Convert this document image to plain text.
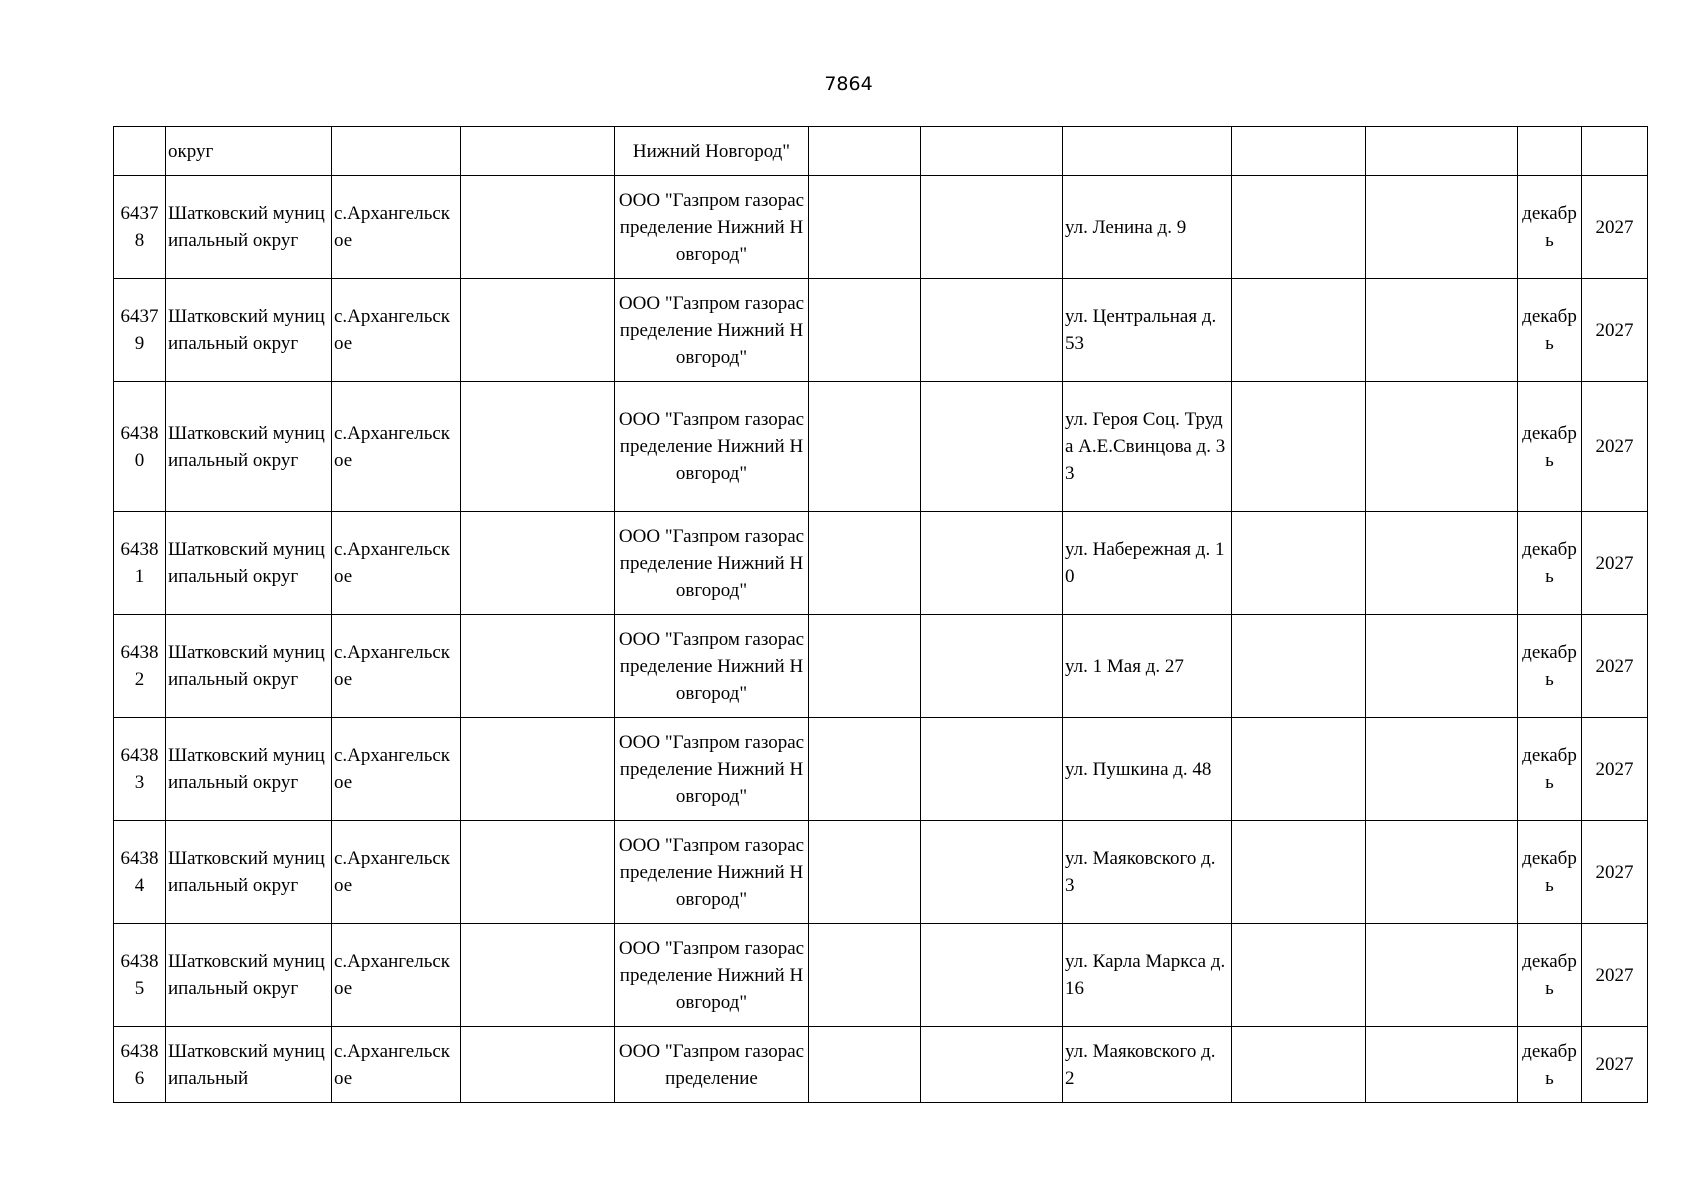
7864

	округ			Нижний Новгород"							

64378	Шатковский муниципальный округ	с.Архангельское		ООО "Газпром газораспределение Нижний Новгород"			ул. Ленина д. 9			декабрь	2027

64379	Шатковский муниципальный округ	с.Архангельское		ООО "Газпром газораспределение Нижний Новгород"			ул. Центральная д. 53			декабрь	2027

64380	Шатковский муниципальный округ	с.Архангельское		ООО "Газпром газораспределение Нижний Новгород"			ул. Героя Соц. Труда А.Е.Свинцова д. 33			декабрь	2027

64381	Шатковский муниципальный округ	с.Архангельское		ООО "Газпром газораспределение Нижний Новгород"			ул. Набережная д. 10			декабрь	2027

64382	Шатковский муниципальный округ	с.Архангельское		ООО "Газпром газораспределение Нижний Новгород"			ул. 1 Мая д. 27			декабрь	2027

64383	Шатковский муниципальный округ	с.Архангельское		ООО "Газпром газораспределение Нижний Новгород"			ул. Пушкина д. 48			декабрь	2027

64384	Шатковский муниципальный округ	с.Архангельское		ООО "Газпром газораспределение Нижний Новгород"			ул. Маяковского д. 3			декабрь	2027

64385	Шатковский муниципальный округ	с.Архангельское		ООО "Газпром газораспределение Нижний Новгород"			ул. Карла Маркса д. 16			декабрь	2027

64386	Шатковский муниципальный	с.Архангельское		ООО "Газпром газораспределение			ул. Маяковского д. 2			декабрь	2027
